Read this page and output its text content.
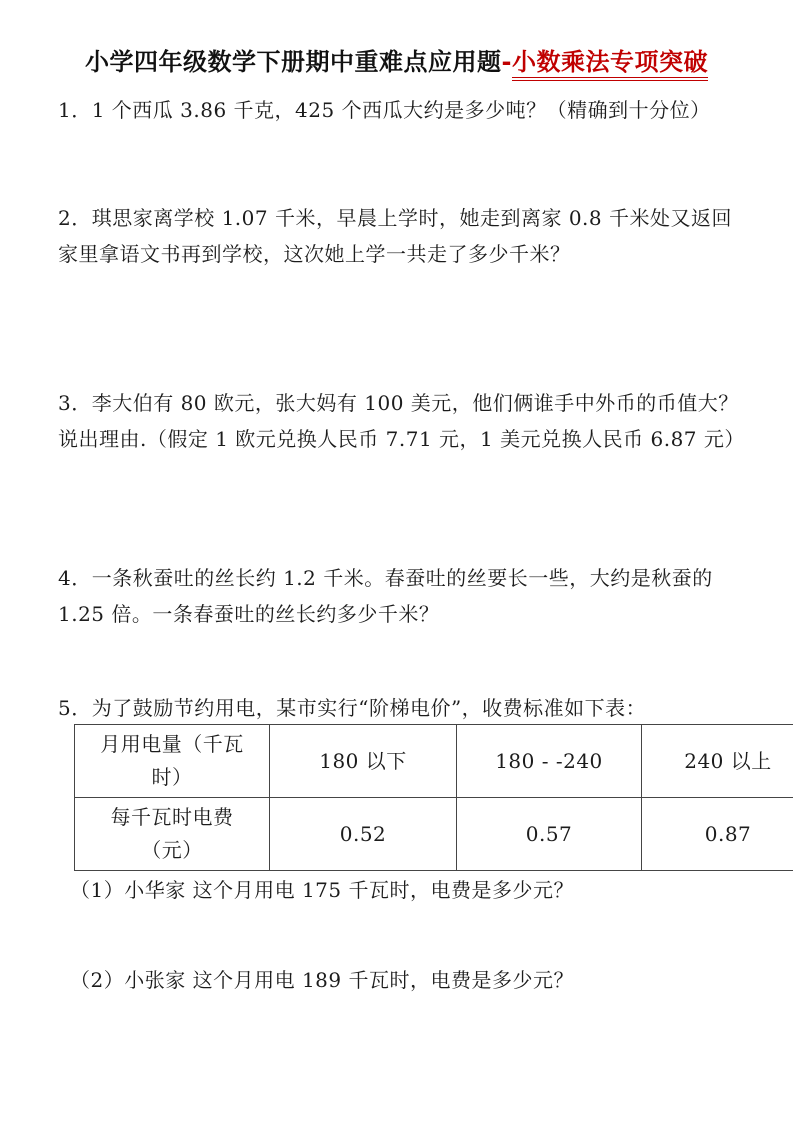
小学四年级数学下册期中重难点应用题-小数乘法专项突破
1．1 个西瓜 3.86 千克，425 个西瓜大约是多少吨？（精确到十分位）
2．琪思家离学校 1.07 千米，早晨上学时，她走到离家 0.8 千米处又返回
家里拿语文书再到学校，这次她上学一共走了多少千米？
3．李大伯有 80 欧元，张大妈有 100 美元，他们俩谁手中外币的币值大？
说出理由.（假定 1 欧元兑换人民币 7.71 元，1 美元兑换人民币 6.87 元）
4．一条秋蚕吐的丝长约 1.2 千米。春蚕吐的丝要长一些，大约是秋蚕的
1.25 倍。一条春蚕吐的丝长约多少千米？
5．为了鼓励节约用电，某市实行“阶梯电价”，收费标准如下表：
月用电量（千瓦时）	180 以下	180 - -240	240 以上
每千瓦时电费（元）	0.52	0.57	0.87
（1）小华家 这个月用电 175 千瓦时，电费是多少元？
（2）小张家 这个月用电 189 千瓦时，电费是多少元？
